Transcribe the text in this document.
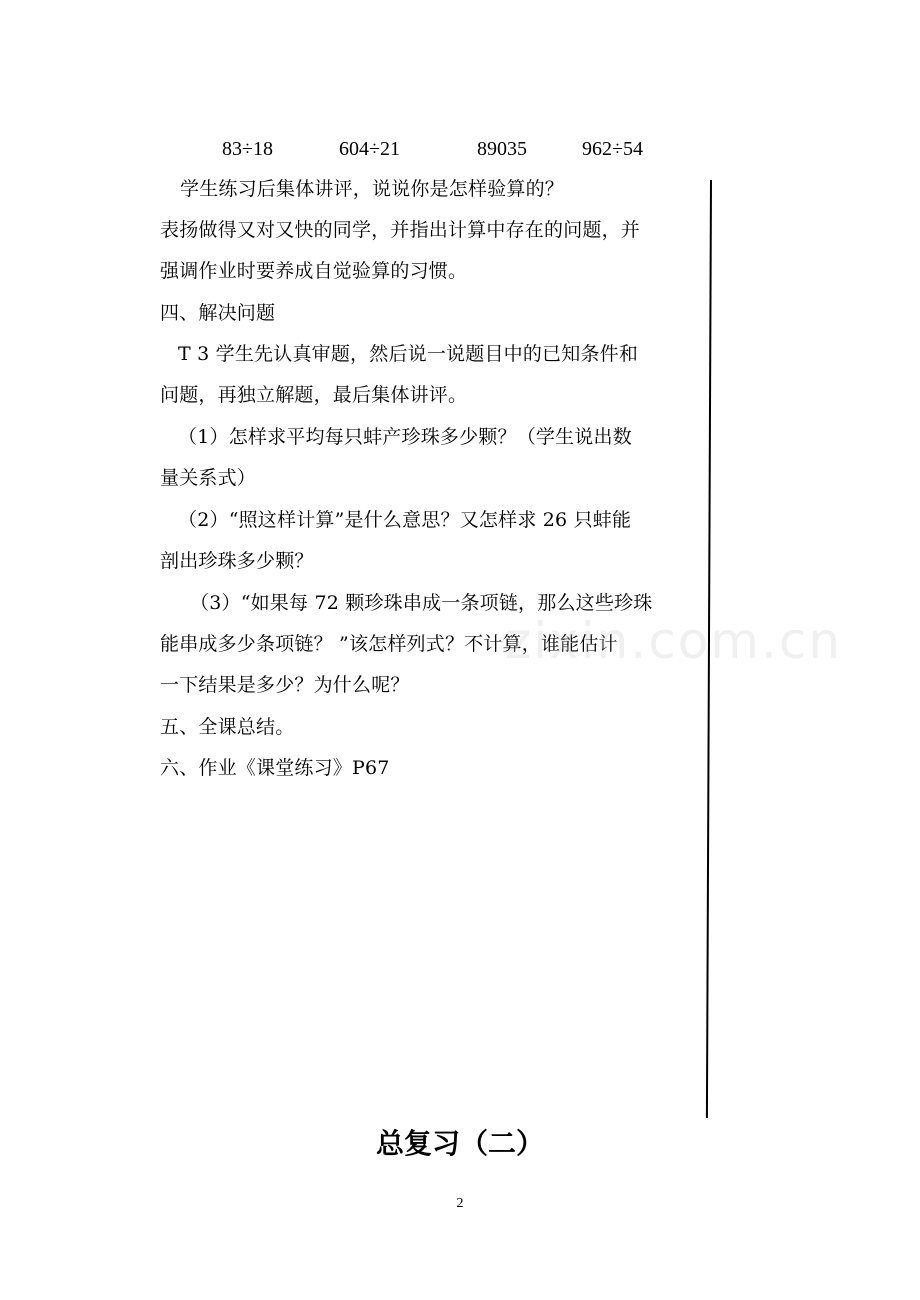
83÷18	604÷21	89035	962÷54
学生练习后集体讲评，说说你是怎样验算的？
表扬做得又对又快的同学，并指出计算中存在的问题，并
强调作业时要养成自觉验算的习惯。
四、解决问题
T 3 学生先认真审题，然后说一说题目中的已知条件和
问题，再独立解题，最后集体讲评。
（1）怎样求平均每只蚌产珍珠多少颗？（学生说出数
量关系式）
（2）“照这样计算”是什么意思？又怎样求 26 只蚌能
剖出珍珠多少颗？
（3）“如果每 72 颗珍珠串成一条项链，那么这些珍珠
能串成多少条项链？ ”该怎样列式？不计算，谁能估计
一下结果是多少？为什么呢？
五、全课总结。
六、作业《课堂练习》P67
zixin.com.cn
总复习（二）
2
